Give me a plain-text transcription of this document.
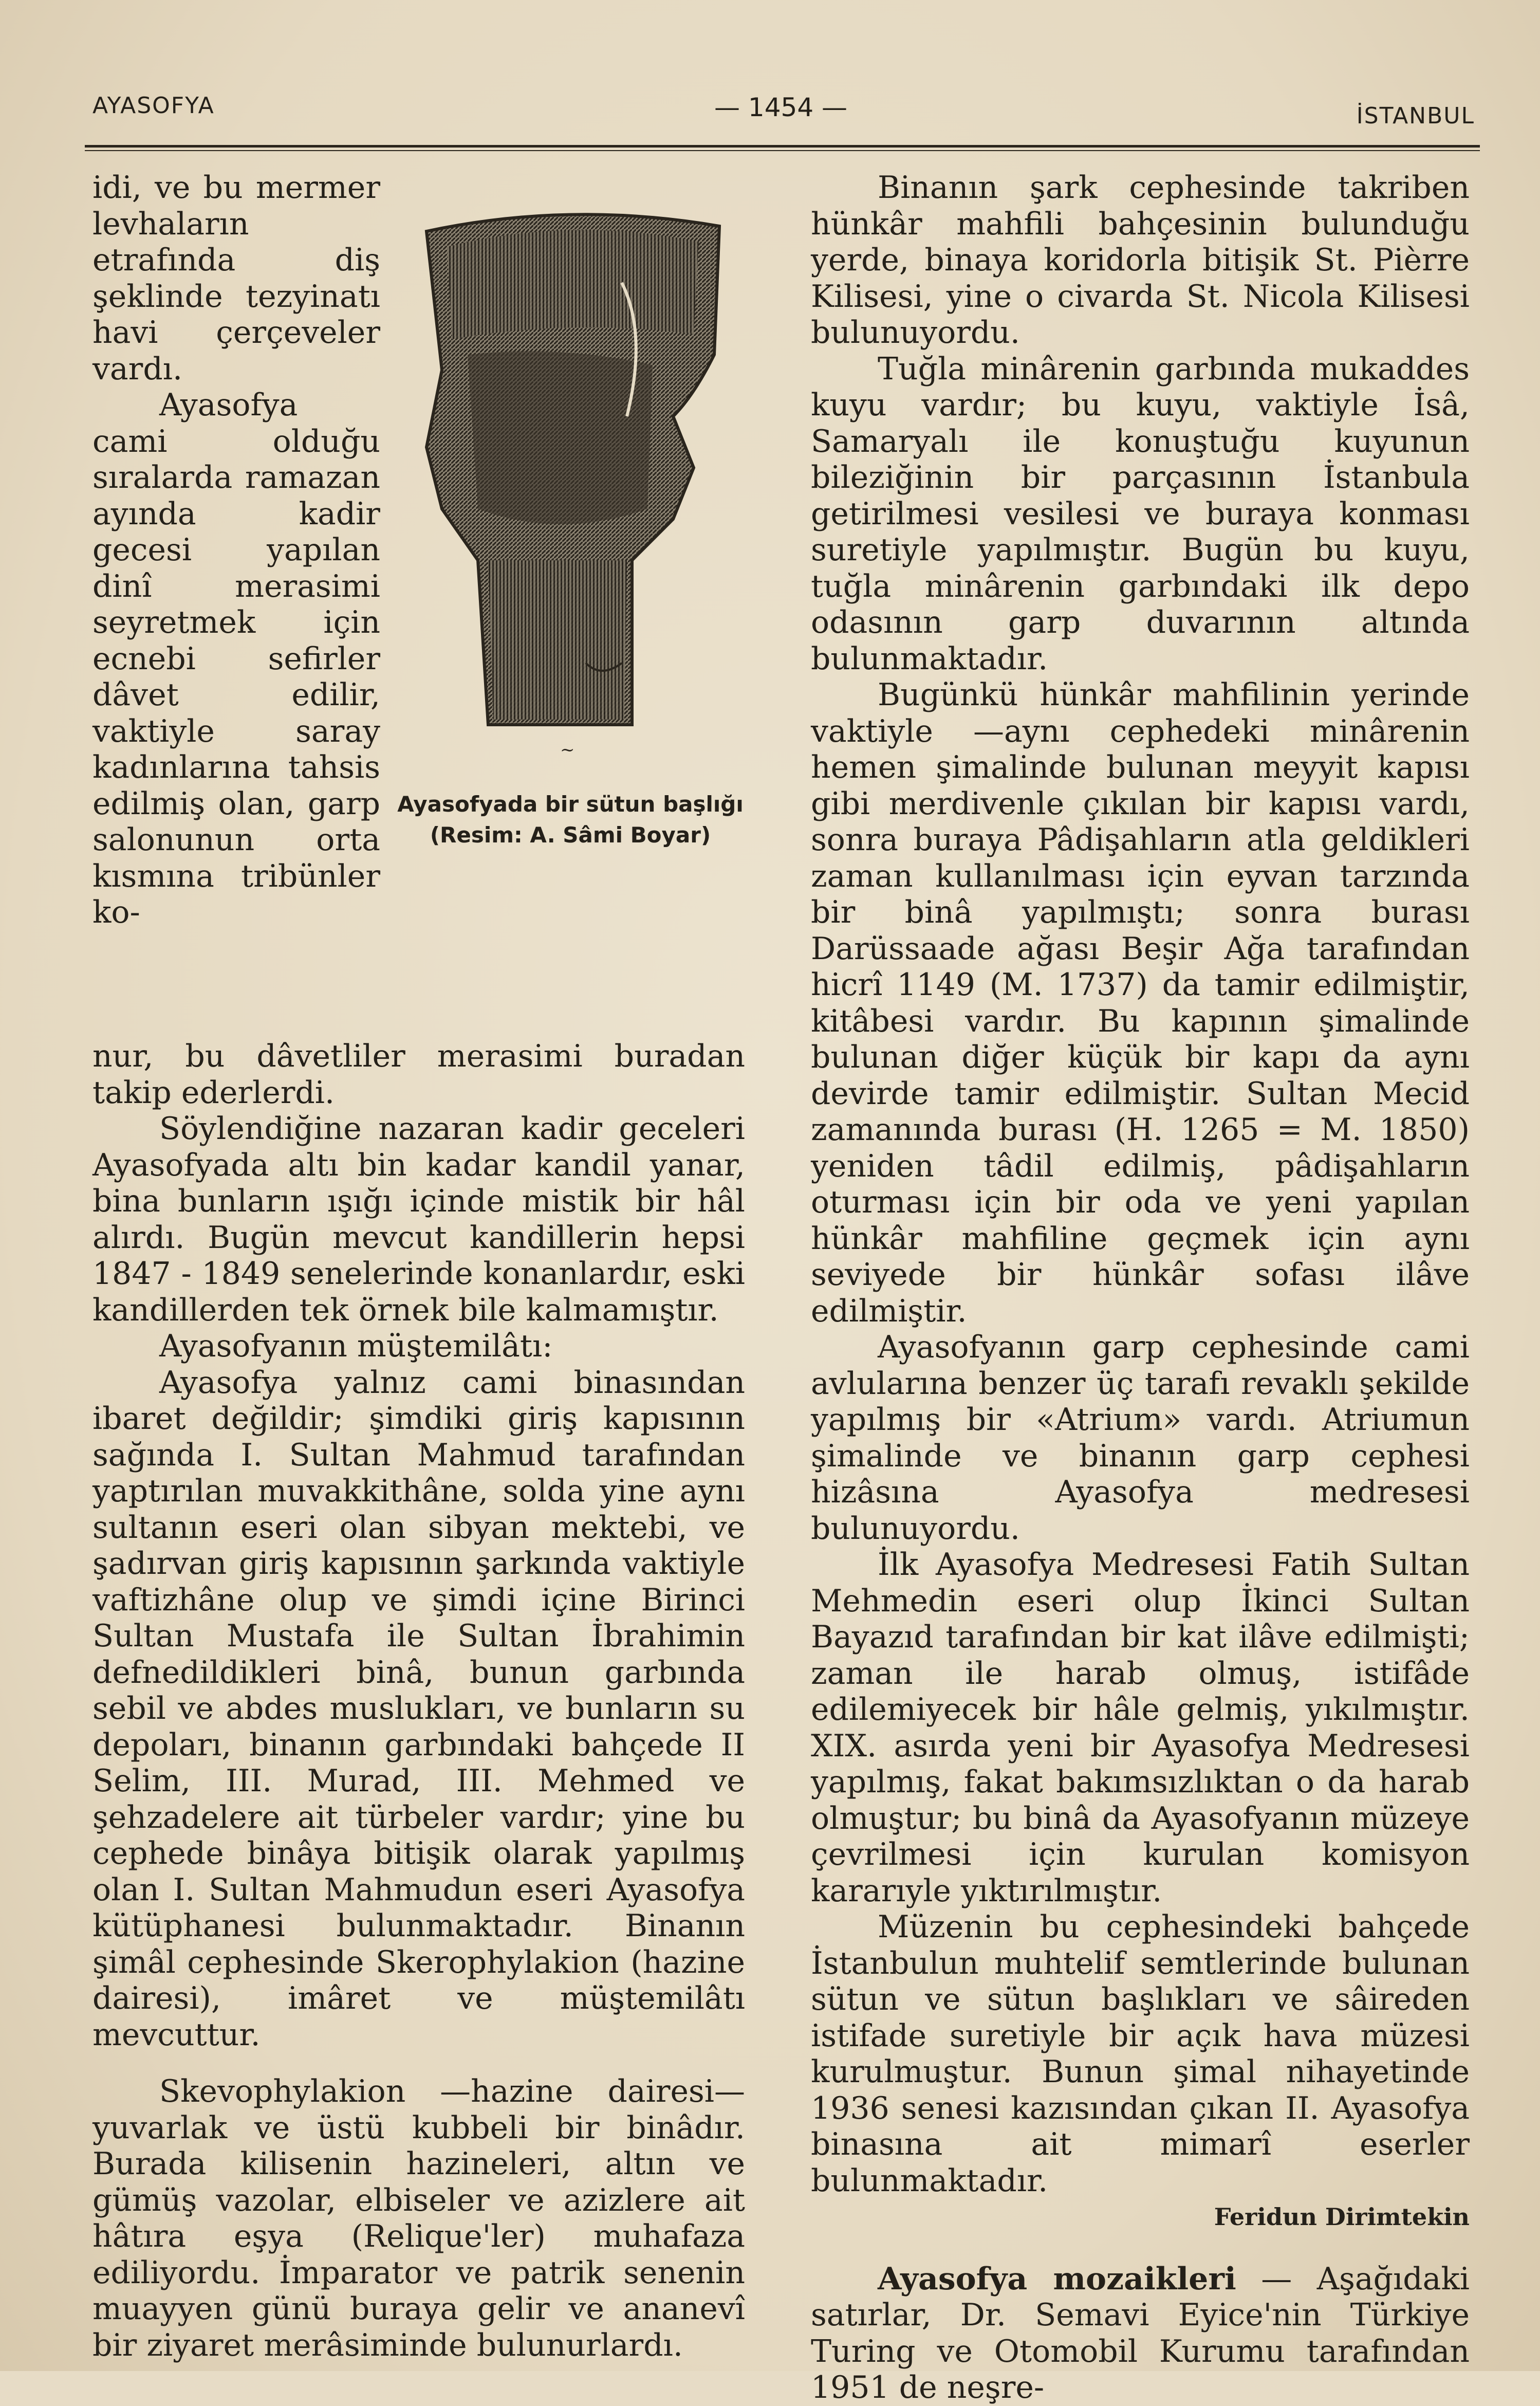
AYASOFYA	— 1454 —	İSTANBUL

idi, ve bu mermer levhaların etrafında diş şeklinde tezyinatı havi çerçeveler vardı.

Ayasofya cami olduğu sıralarda ramazan ayında kadir gecesi yapılan dinî merasimi seyretmek için ecnebi sefirler dâvet edilir, vaktiyle saray kadınlarına tahsis edilmiş olan, garp salonunun orta kısmına tribünler ko-

nur, bu dâvetliler merasimi buradan takip ederlerdi.

Söylendiğine nazaran kadir geceleri Ayasofyada altı bin kadar kandil yanar, bina bunların ışığı içinde mistik bir hâl alırdı. Bugün mevcut kandillerin hepsi 1847 - 1849 senelerinde konanlardır, eski kandillerden tek örnek bile kalmamıştır.

Ayasofyanın müştemilâtı:

Ayasofya yalnız cami binasından ibaret değildir; şimdiki giriş kapısının sağında I. Sultan Mahmud tarafından yaptırılan muvakkithâne, solda yine aynı sultanın eseri olan sibyan mektebi, ve şadırvan giriş kapısının şarkında vaktiyle vaftizhâne olup ve şimdi içine Birinci Sultan Mustafa ile Sultan İbrahimin defnedildikleri binâ, bunun garbında sebil ve abdes muslukları, ve bunların su depoları, binanın garbındaki bahçede II Selim, III. Murad, III. Mehmed ve şehzadelere ait türbeler vardır; yine bu cephede binâya bitişik olarak yapılmış olan I. Sultan Mahmudun eseri Ayasofya kütüphanesi bulunmaktadır. Binanın şimâl cephesinde Skerophylakion (hazine dairesi), imâret ve müştemilâtı mevcuttur.

Skevophylakion —hazine dairesi— yuvarlak ve üstü kubbeli bir binâdır. Burada kilisenin hazineleri, altın ve gümüş vazolar, elbiseler ve azizlere ait hâtıra eşya (Relique'ler) muhafaza ediliyordu. İmparator ve patrik senenin muayyen günü buraya gelir ve ananevî bir ziyaret merâsiminde bulunurlardı.

~
Ayasofyada bir sütun başlığı
(Resim: A. Sâmi Boyar)

Binanın şark cephesinde takriben hünkâr mahfili bahçesinin bulunduğu yerde, binaya koridorla bitişik St. Pièrre Kilisesi, yine o civarda St. Nicola Kilisesi bulunuyordu.

Tuğla minârenin garbında mukaddes kuyu vardır; bu kuyu, vaktiyle İsâ, Samaryalı ile konuştuğu kuyunun bileziğinin bir parçasının İstanbula getirilmesi vesilesi ve buraya konması suretiyle yapılmıştır. Bugün bu kuyu, tuğla minârenin garbındaki ilk depo odasının garp duvarının altında bulunmaktadır.

Bugünkü hünkâr mahfilinin yerinde vaktiyle —aynı cephedeki minârenin hemen şimalinde bulunan meyyit kapısı gibi merdivenle çıkılan bir kapısı vardı, sonra buraya Pâdişahların atla geldikleri zaman kullanılması için eyvan tarzında bir binâ yapılmıştı; sonra burası Darüssaade ağası Beşir Ağa tarafından hicrî 1149 (M. 1737) da tamir edilmiştir, kitâbesi vardır. Bu kapının şimalinde bulunan diğer küçük bir kapı da aynı devirde tamir edilmiştir. Sultan Mecid zamanında burası (H. 1265 = M. 1850) yeniden tâdil edilmiş, pâdişahların oturması için bir oda ve yeni yapılan hünkâr mahfiline geçmek için aynı seviyede bir hünkâr sofası ilâve edilmiştir.

Ayasofyanın garp cephesinde cami avlularına benzer üç tarafı revaklı şekilde yapılmış bir «Atrium» vardı. Atriumun şimalinde ve binanın garp cephesi hizâsına Ayasofya medresesi bulunuyordu.

İlk Ayasofya Medresesi Fatih Sultan Mehmedin eseri olup İkinci Sultan Bayazıd tarafından bir kat ilâve edilmişti; zaman ile harab olmuş, istifâde edilemiyecek bir hâle gelmiş, yıkılmıştır. XIX. asırda yeni bir Ayasofya Medresesi yapılmış, fakat bakımsızlıktan o da harab olmuştur; bu binâ da Ayasofyanın müzeye çevrilmesi için kurulan komisyon kararıyle yıktırılmıştır.

Müzenin bu cephesindeki bahçede İstanbulun muhtelif semtlerinde bulunan sütun ve sütun başlıkları ve sâireden istifade suretiyle bir açık hava müzesi kurulmuştur. Bunun şimal nihayetinde 1936 senesi kazısından çıkan II. Ayasofya binasına ait mimarî eserler bulunmaktadır.

Feridun Dirimtekin

Ayasofya mozaikleri — Aşağıdaki satırlar, Dr. Semavi Eyice'nin Türkiye Turing ve Otomobil Kurumu tarafından 1951 de neşre-
